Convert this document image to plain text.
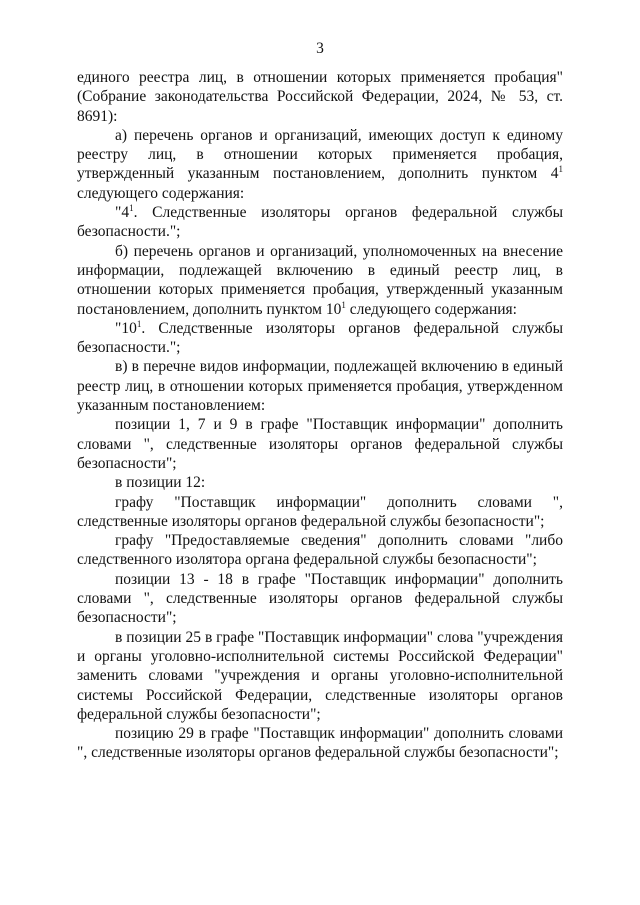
3

единого реестра лиц, в отношении которых применяется пробация" (Собрание законодательства Российской Федерации, 2024, № 53, ст. 8691):

а) перечень органов и организаций, имеющих доступ к единому реестру лиц, в отношении которых применяется пробация, утвержденный указанным постановлением, дополнить пунктом $4^1$ следующего содержания:

"$4^1$. Следственные изоляторы органов федеральной службы безопасности.";

б) перечень органов и организаций, уполномоченных на внесение информации, подлежащей включению в единый реестр лиц, в отношении которых применяется пробация, утвержденный указанным постановлением, дополнить пунктом $10^1$ следующего содержания:

"$10^1$. Следственные изоляторы органов федеральной службы безопасности.";

в) в перечне видов информации, подлежащей включению в единый реестр лиц, в отношении которых применяется пробация, утвержденном указанным постановлением:

позиции 1, 7 и 9 в графе "Поставщик информации" дополнить словами ", следственные изоляторы органов федеральной службы безопасности";

в позиции 12:

графу "Поставщик информации" дополнить словами ", следственные изоляторы органов федеральной службы безопасности";

графу "Предоставляемые сведения" дополнить словами "либо следственного изолятора органа федеральной службы безопасности";

позиции 13 - 18 в графе "Поставщик информации" дополнить словами ", следственные изоляторы органов федеральной службы безопасности";

в позиции 25 в графе "Поставщик информации" слова "учреждения и органы уголовно-исполнительной системы Российской Федерации" заменить словами "учреждения и органы уголовно-исполнительной системы Российской Федерации, следственные изоляторы органов федеральной службы безопасности";

позицию 29 в графе "Поставщик информации" дополнить словами ", следственные изоляторы органов федеральной службы безопасности";
